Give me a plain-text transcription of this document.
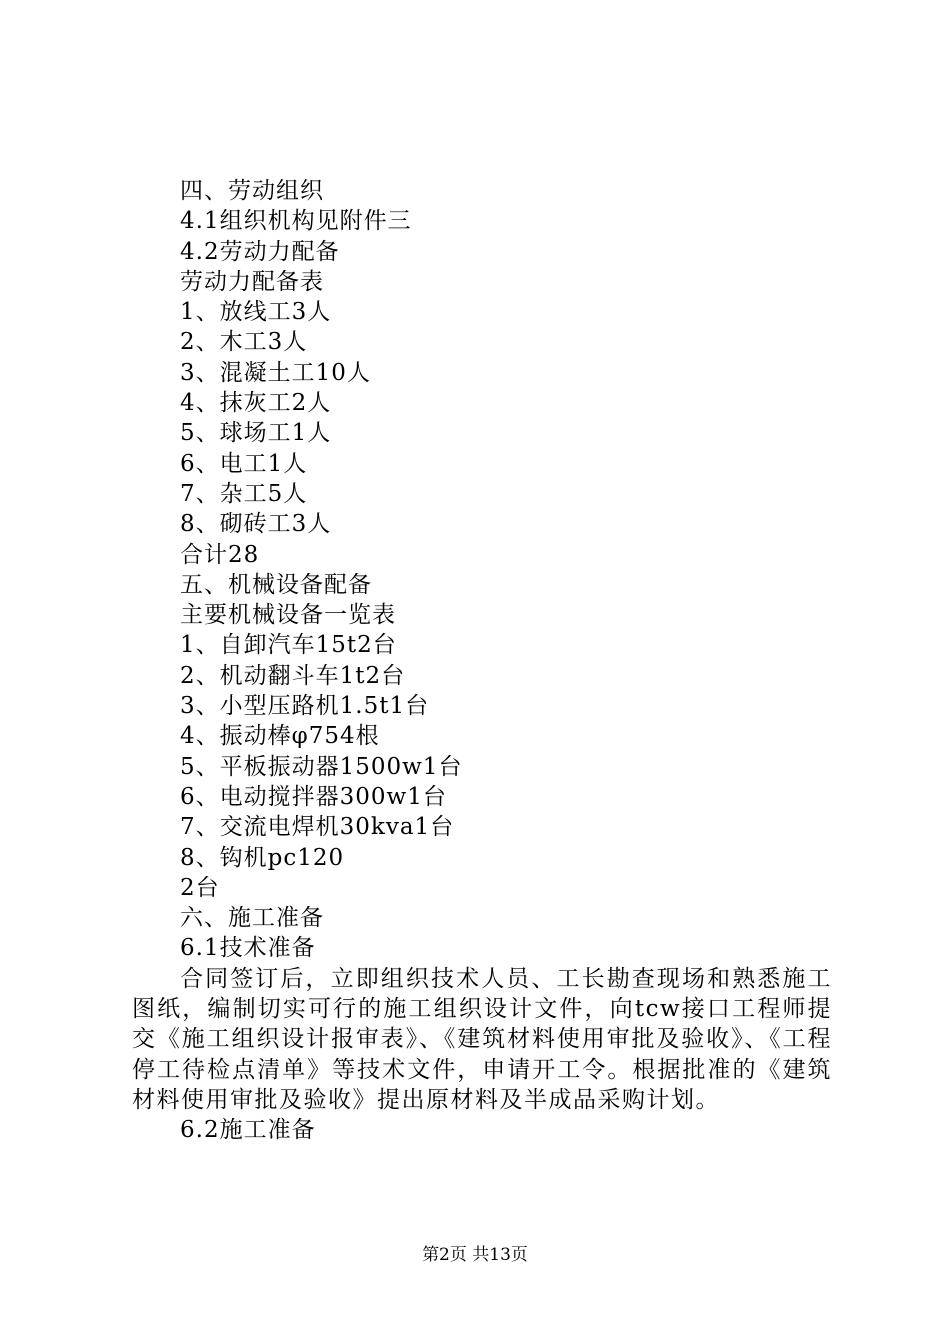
四、劳动组织
4.1组织机构见附件三
4.2劳动力配备
劳动力配备表
1、放线工3人
2、木工3人
3、混凝土工10人
4、抹灰工2人
5、球场工1人
6、电工1人
7、杂工5人
8、砌砖工3人
合计28
五、机械设备配备
主要机械设备一览表
1、自卸汽车15t2台
2、机动翻斗车1t2台
3、小型压路机1.5t1台
4、振动棒φ754根
5、平板振动器1500w1台
6、电动搅拌器300w1台
7、交流电焊机30kva1台
8、钩机pc120
2台
六、施工准备
6.1技术准备
合同签订后，立即组织技术人员、工长勘查现场和熟悉施工图纸，编制切实可行的施工组织设计文件，向tcw接口工程师提交《施工组织设计报审表》、《建筑材料使用审批及验收》、《工程停工待检点清单》等技术文件，申请开工令。根据批准的《建筑材料使用审批及验收》提出原材料及半成品采购计划。
6.2施工准备
第2页 共13页
